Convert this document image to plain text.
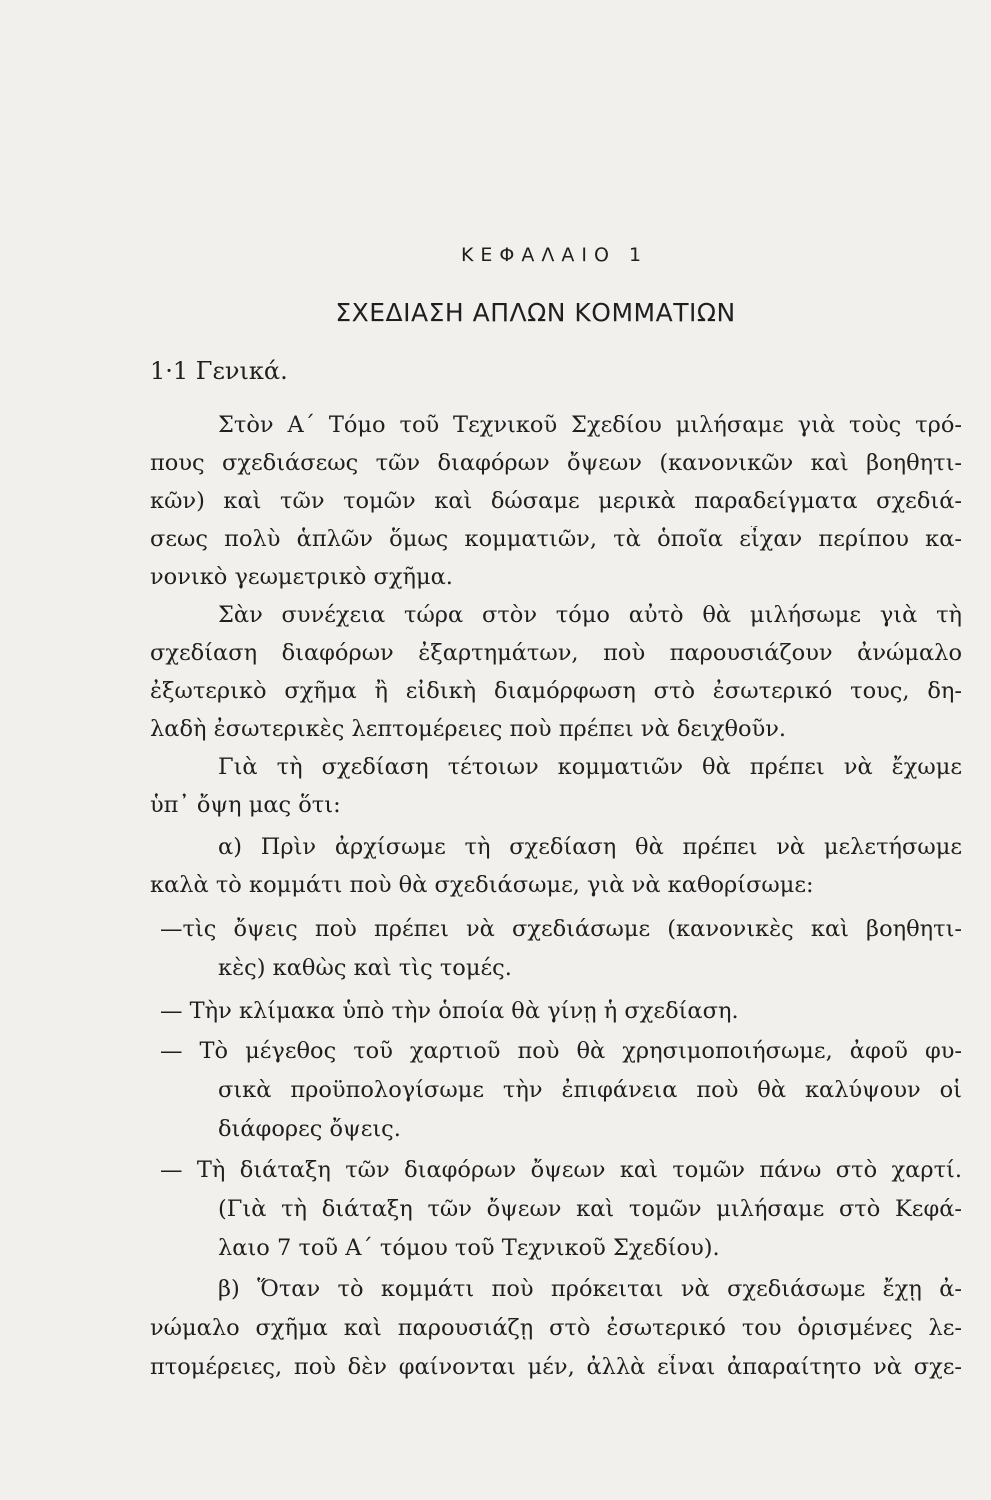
ΚΕΦΑΛΑΙΟ 1
ΣΧΕΔΙΑΣΗ ΑΠΛΩΝ ΚΟΜΜΑΤΙΩΝ
1·1 Γενικά.
Στὸν Α΄ Τόμο τοῦ Τεχνικοῦ Σχεδίου μιλήσαμε γιὰ τοὺς τρό-
πους σχεδιάσεως τῶν διαφόρων ὄψεων (κανονικῶν καὶ βοηθητι-
κῶν) καὶ τῶν τομῶν καὶ δώσαμε μερικὰ παραδείγματα σχεδιά-
σεως πολὺ ἁπλῶν ὅμως κομματιῶν, τὰ ὁποῖα εἶχαν περίπου κα-
νονικὸ γεωμετρικὸ σχῆμα.
Σὰν συνέχεια τώρα στὸν τόμο αὐτὸ θὰ μιλήσωμε γιὰ τὴ
σχεδίαση διαφόρων ἐξαρτημάτων, ποὺ παρουσιάζουν ἀνώμαλο
ἐξωτερικὸ σχῆμα ἢ εἰδικὴ διαμόρφωση στὸ ἐσωτερικό τους, δη-
λαδὴ ἐσωτερικὲς λεπτομέρειες ποὺ πρέπει νὰ δειχθοῦν.
Γιὰ τὴ σχεδίαση τέτοιων κομματιῶν θὰ πρέπει νὰ ἔχωμε
ὑπ᾿ ὄψη μας ὅτι:
α) Πρὶν ἀρχίσωμε τὴ σχεδίαση θὰ πρέπει νὰ μελετήσωμε
καλὰ τὸ κομμάτι ποὺ θὰ σχεδιάσωμε, γιὰ νὰ καθορίσωμε:
—τὶς ὄψεις ποὺ πρέπει νὰ σχεδιάσωμε (κανονικὲς καὶ βοηθητι-
κὲς) καθὼς καὶ τὶς τομές.
— Τὴν κλίμακα ὑπὸ τὴν ὁποία θὰ γίνῃ ἡ σχεδίαση.
— Τὸ μέγεθος τοῦ χαρτιοῦ ποὺ θὰ χρησιμοποιήσωμε, ἀφοῦ φυ-
σικὰ προϋπολογίσωμε τὴν ἐπιφάνεια ποὺ θὰ καλύψουν οἱ
διάφορες ὄψεις.
— Τὴ διάταξη τῶν διαφόρων ὄψεων καὶ τομῶν πάνω στὸ χαρτί.
(Γιὰ τὴ διάταξη τῶν ὄψεων καὶ τομῶν μιλήσαμε στὸ Κεφά-
λαιο 7 τοῦ Α΄ τόμου τοῦ Τεχνικοῦ Σχεδίου).
β) Ὅταν τὸ κομμάτι ποὺ πρόκειται νὰ σχεδιάσωμε ἔχῃ ἀ-
νώμαλο σχῆμα καὶ παρουσιάζῃ στὸ ἐσωτερικό του ὁρισμένες λε-
πτομέρειες, ποὺ δὲν φαίνονται μέν, ἀλλὰ εἶναι ἀπαραίτητο νὰ σχε-
